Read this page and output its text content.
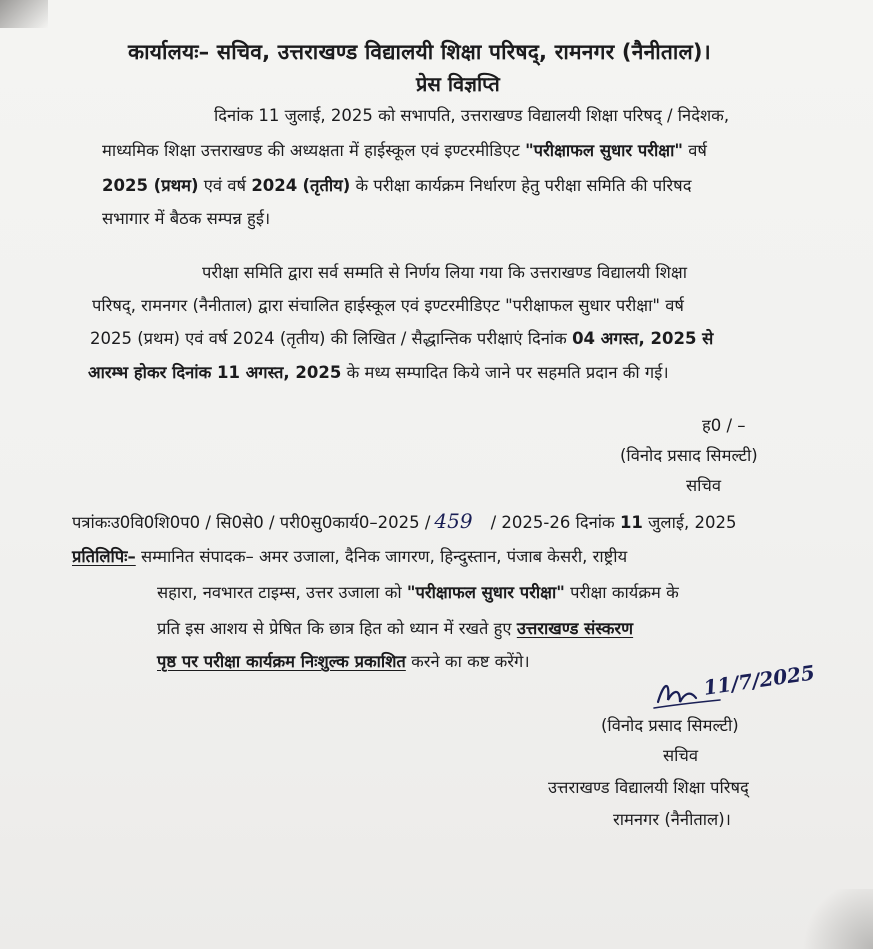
कार्यालयः– सचिव, उत्तराखण्ड विद्यालयी शिक्षा परिषद्, रामनगर (नैनीताल)।
प्रेस विज्ञप्ति
दिनांक 11 जुलाई, 2025 को सभापति, उत्तराखण्ड विद्यालयी शिक्षा परिषद् / निदेशक,
माध्यमिक शिक्षा उत्तराखण्ड की अध्यक्षता में हाईस्कूल एवं इण्टरमीडिएट "परीक्षाफल सुधार परीक्षा" वर्ष
2025 (प्रथम) एवं वर्ष 2024 (तृतीय) के परीक्षा कार्यक्रम निर्धारण हेतु परीक्षा समिति की परिषद
सभागार में बैठक सम्पन्न हुई।
परीक्षा समिति द्वारा सर्व सम्मति से निर्णय लिया गया कि उत्तराखण्ड विद्यालयी शिक्षा
परिषद्, रामनगर (नैनीताल) द्वारा संचालित हाईस्कूल एवं इण्टरमीडिएट "परीक्षाफल सुधार परीक्षा" वर्ष
2025 (प्रथम) एवं वर्ष 2024 (तृतीय) की लिखित / सैद्धान्तिक परीक्षाएं दिनांक 04 अगस्त, 2025 से
आरम्भ होकर दिनांक 11 अगस्त, 2025 के मध्य सम्पादित किये जाने पर सहमति प्रदान की गई।
ह0 / –
(विनोद प्रसाद सिमल्टी)
सचिव
पत्रांकःउ0वि0शि0प0 / सि0से0 / परी0सु0कार्य0–2025 / 459 / 2025-26 दिनांक 11 जुलाई, 2025
प्रतिलिपिः– सम्मानित संपादक– अमर उजाला, दैनिक जागरण, हिन्दुस्तान, पंजाब केसरी, राष्ट्रीय
सहारा, नवभारत टाइम्स, उत्तर उजाला को "परीक्षाफल सुधार परीक्षा" परीक्षा कार्यक्रम के
प्रति इस आशय से प्रेषित कि छात्र हित को ध्यान में रखते हुए उत्तराखण्ड संस्करण
पृष्ठ पर परीक्षा कार्यक्रम निःशुल्क प्रकाशित करने का कष्ट करेंगे।	11/7/2025
(विनोद प्रसाद सिमल्टी)
सचिव
उत्तराखण्ड विद्यालयी शिक्षा परिषद्
रामनगर (नैनीताल)।
